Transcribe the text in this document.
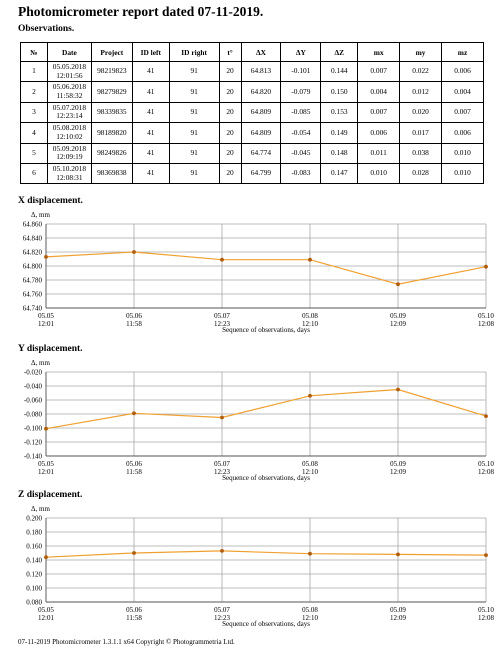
Photomicrometer report dated 07-11-2019.
Observations.
№	Date	Project	ID left	ID right	t°	ΔX	ΔY	ΔZ	mx	my	mz
1	05.05.2018 12:01:56	98219823	41	91	20	64.813	-0.101	0.144	0.007	0.022	0.006
2	05.06.2018 11:58:32	98279829	41	91	20	64.820	-0.079	0.150	0.004	0.012	0.004
3	05.07.2018 12:23:14	98339835	41	91	20	64.809	-0.085	0.153	0.007	0.020	0.007
4	05.08.2018 12:10:02	98189820	41	91	20	64.809	-0.054	0.149	0.006	0.017	0.006
5	05.09.2018 12:09:19	98249826	41	91	20	64.774	-0.045	0.148	0.011	0.038	0.010
6	05.10.2018 12:08:31	98369838	41	91	20	64.799	-0.083	0.147	0.010	0.028	0.010
X displacement.
64.740
64.760
64.780
64.800
64.820
64.840
64.860
05.05
12:01
05.06
11:58
05.07
12:23
05.08
12:10
05.09
12:09
05.10
12:08
Δ, mm
Sequence of observations, days
Y displacement.
-0.140
-0.120
-0.100
-0.080
-0.060
-0.040
-0.020
05.05
12:01
05.06
11:58
05.07
12:23
05.08
12:10
05.09
12:09
05.10
12:08
Δ, mm
Sequence of observations, days
Z displacement.
0.080
0.100
0.120
0.140
0.160
0.180
0.200
05.05
12:01
05.06
11:58
05.07
12:23
05.08
12:10
05.09
12:09
05.10
12:08
Δ, mm
Sequence of observations, days
07-11-2019 Photomicrometer 1.3.1.1 x64 Copyright © Photogrammetria Ltd.
